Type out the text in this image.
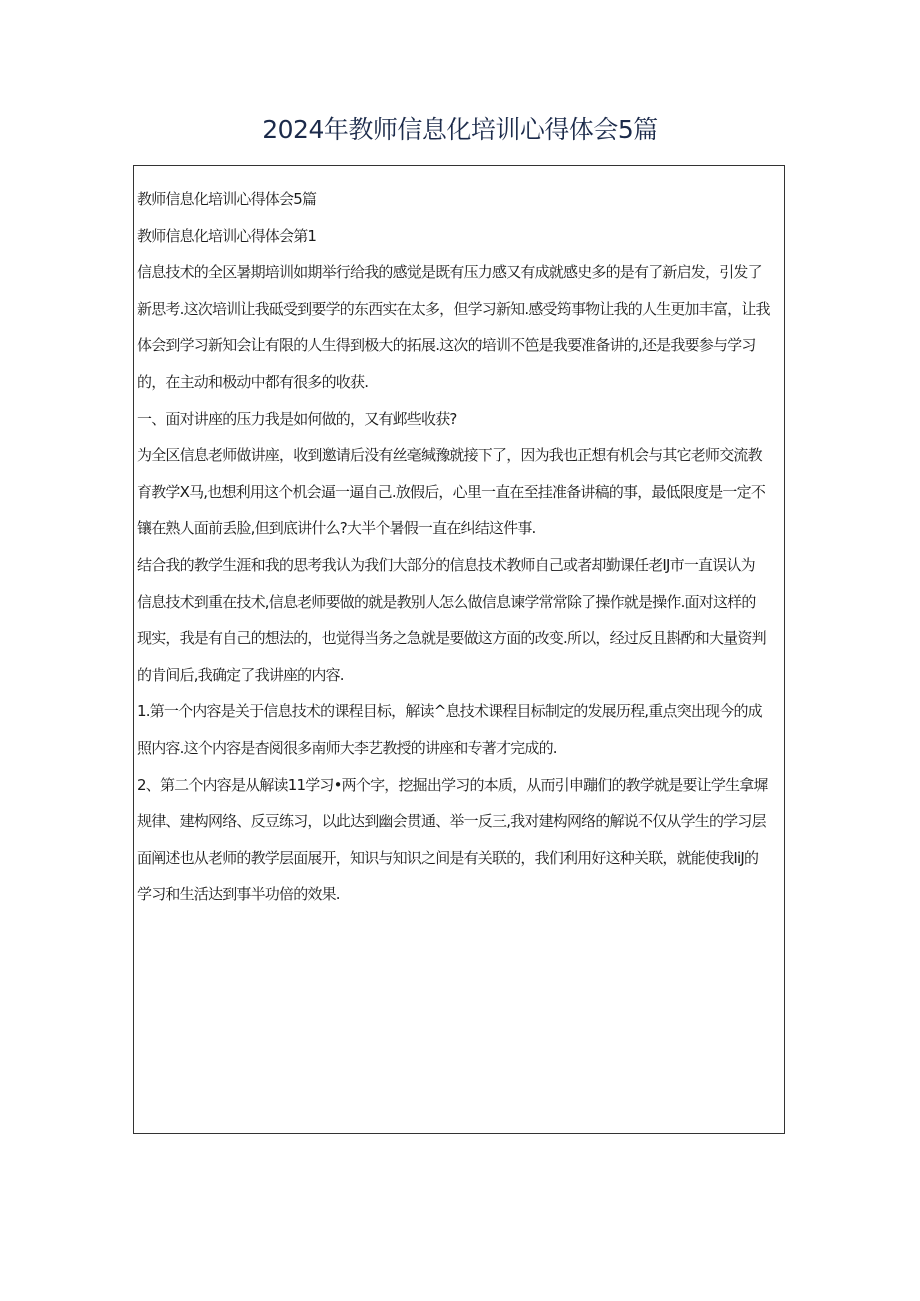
2024年教师信息化培训心得体会5篇
教师信息化培训心得体会5篇
教师信息化培训心得体会第1
信息技术的全区暑期培训如期举行给我的感觉是既有压力感又有成就感史多的是有了新启发，引发了
新思考.这次培训让我砥受到要学的东西实在太多，但学习新知.感受筠事物让我的人生更加丰富，让我
体会到学习新知会让有限的人生得到极大的拓展.这次的培训不笆是我要准备讲的,还是我要参与学习
的，在主动和极动中都有很多的收获.
一、面对讲座的压力我是如何做的，又有邺些收获?
为全区信息老师做讲座，收到邀请后没有丝毫缄豫就接下了，因为我也正想有机会与其它老师交流教
育教学X马,也想利用这个机会逼一逼自己.放假后，心里一直在至挂准备讲稿的事，最低限度是一定不
镶在熟人面前丢脸,但到底讲什么?大半个暑假一直在纠结这件事.
结合我的教学生涯和我的思考我认为我们大部分的信息技术教师自己或者却勤课任老IJ市一直误认为
信息技术到重在技术,信息老师要做的就是教别人怎么做信息谏学常常除了操作就是操作.面对这样的
现实，我是有自己的想法的，也觉得当务之急就是要做这方面的改变.所以，经过反且斟酌和大量资判
的肯间后,我确定了我讲座的内容.
1.第一个内容是关于信息技术的课程目标，解读^息技术课程目标制定的发展历程,重点突出现今的成
照内容.这个内容是杳阅很多南师大李艺教授的讲座和专著才完成的.
2、第二个内容是从解读11学习•两个字，挖掘出学习的本质，从而引申蹦们的教学就是要让学生拿墀
规律、建构网络、反豆练习，以此达到幽会贯通、举一反三,我对建构网络的解说不仅从学生的学习层
面阐述也从老师的教学层面展开，知识与知识之间是有关联的，我们利用好这种关联，就能使我IiJ的
学习和生活达到事半功倍的效果.
